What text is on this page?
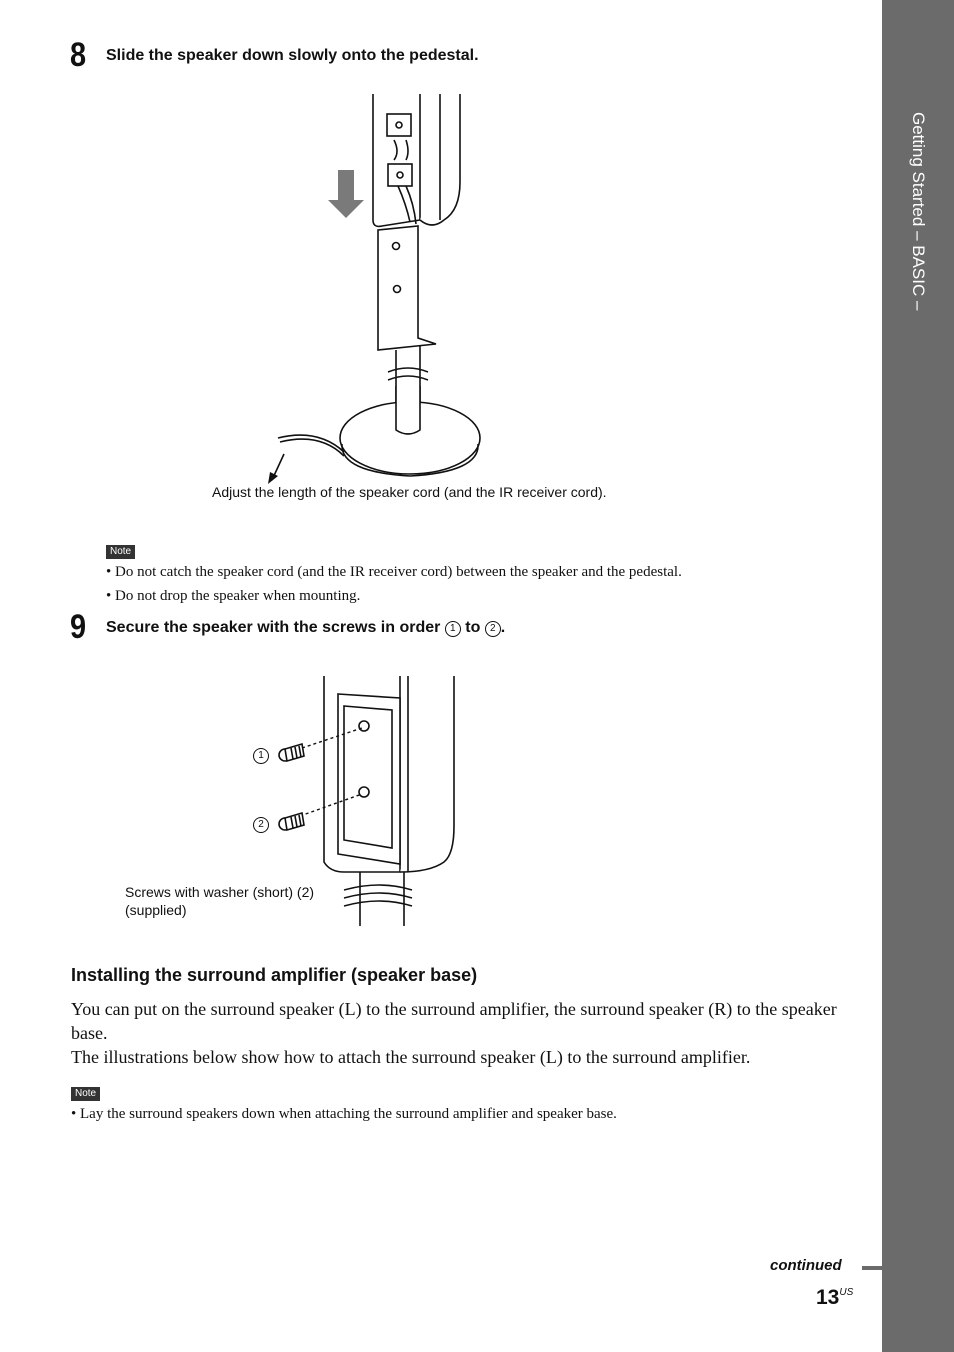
Getting Started – BASIC –
8 Slide the speaker down slowly onto the pedestal.
Adjust the length of the speaker cord (and the IR receiver cord).
Note
• Do not catch the speaker cord (and the IR receiver cord) between the speaker and the pedestal.
• Do not drop the speaker when mounting.
9 Secure the speaker with the screws in order 1 to 2 .
1
2
Screws with washer (short) (2)
(supplied)
Installing the surround amplifier (speaker base)
You can put on the surround speaker (L) to the surround amplifier, the surround speaker (R) to the speaker base.
The illustrations below show how to attach the surround speaker (L) to the surround amplifier.
Note
• Lay the surround speakers down when attaching the surround amplifier and speaker base.
continued
$13^{US}$
